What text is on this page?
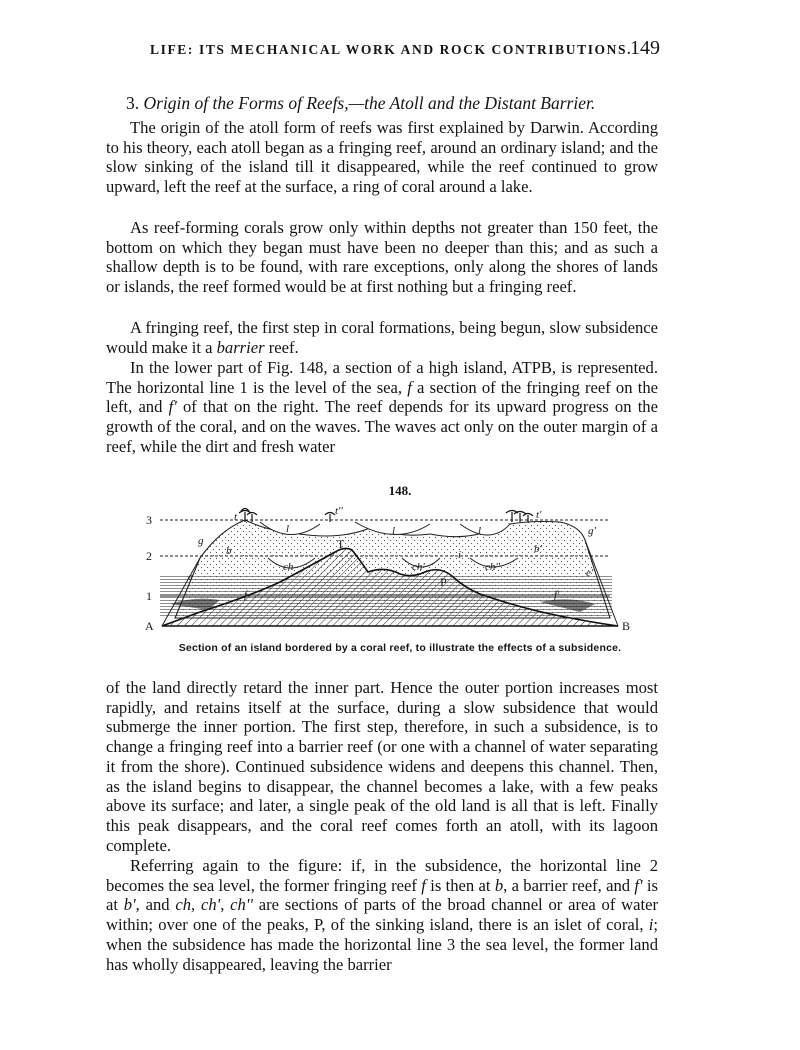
LIFE: ITS MECHANICAL WORK AND ROCK CONTRIBUTIONS.
149
3. Origin of the Forms of Reefs,—the Atoll and the Distant Barrier.

The origin of the atoll form of reefs was first explained by Darwin. According to his theory, each atoll began as a fringing reef, around an ordinary island; and the slow sinking of the island till it disappeared, while the reef continued to grow upward, left the reef at the surface, a ring of coral around a lake.

As reef-forming corals grow only within depths not greater than 150 feet, the bottom on which they began must have been no deeper than this; and as such a shallow depth is to be found, with rare exceptions, only along the shores of lands or islands, the reef formed would be at first nothing but a fringing reef.

A fringing reef, the first step in coral formations, being begun, slow subsidence would make it a barrier reef.

In the lower part of Fig. 148, a section of a high island, ATPB, is represented. The horizontal line 1 is the level of the sea, f a section of the fringing reef on the left, and f' of that on the right. The reef depends for its upward progress on the growth of the coral, and on the waves. The waves act only on the outer margin of a reef, while the dirt and fresh water

148.
3
2
1
A	B
T
P
t	t''	t'
g
g'
l	l	l
b	b'
ch	ch'	ch''
i
e	e'
f	f'
Section of an island bordered by a coral reef, to illustrate the effects of a subsidence.

of the land directly retard the inner part. Hence the outer portion increases most rapidly, and retains itself at the surface, during a slow subsidence that would submerge the inner portion. The first step, therefore, in such a subsidence, is to change a fringing reef into a barrier reef (or one with a channel of water separating it from the shore). Continued subsidence widens and deepens this channel. Then, as the island begins to disappear, the channel becomes a lake, with a few peaks above its surface; and later, a single peak of the old land is all that is left. Finally this peak disappears, and the coral reef comes forth an atoll, with its lagoon complete.

Referring again to the figure: if, in the subsidence, the horizontal line 2 becomes the sea level, the former fringing reef f is then at b, a barrier reef, and f' is at b', and ch, ch', ch'' are sections of parts of the broad channel or area of water within; over one of the peaks, P, of the sinking island, there is an islet of coral, i; when the subsidence has made the horizontal line 3 the sea level, the former land has wholly disappeared, leaving the barrier
